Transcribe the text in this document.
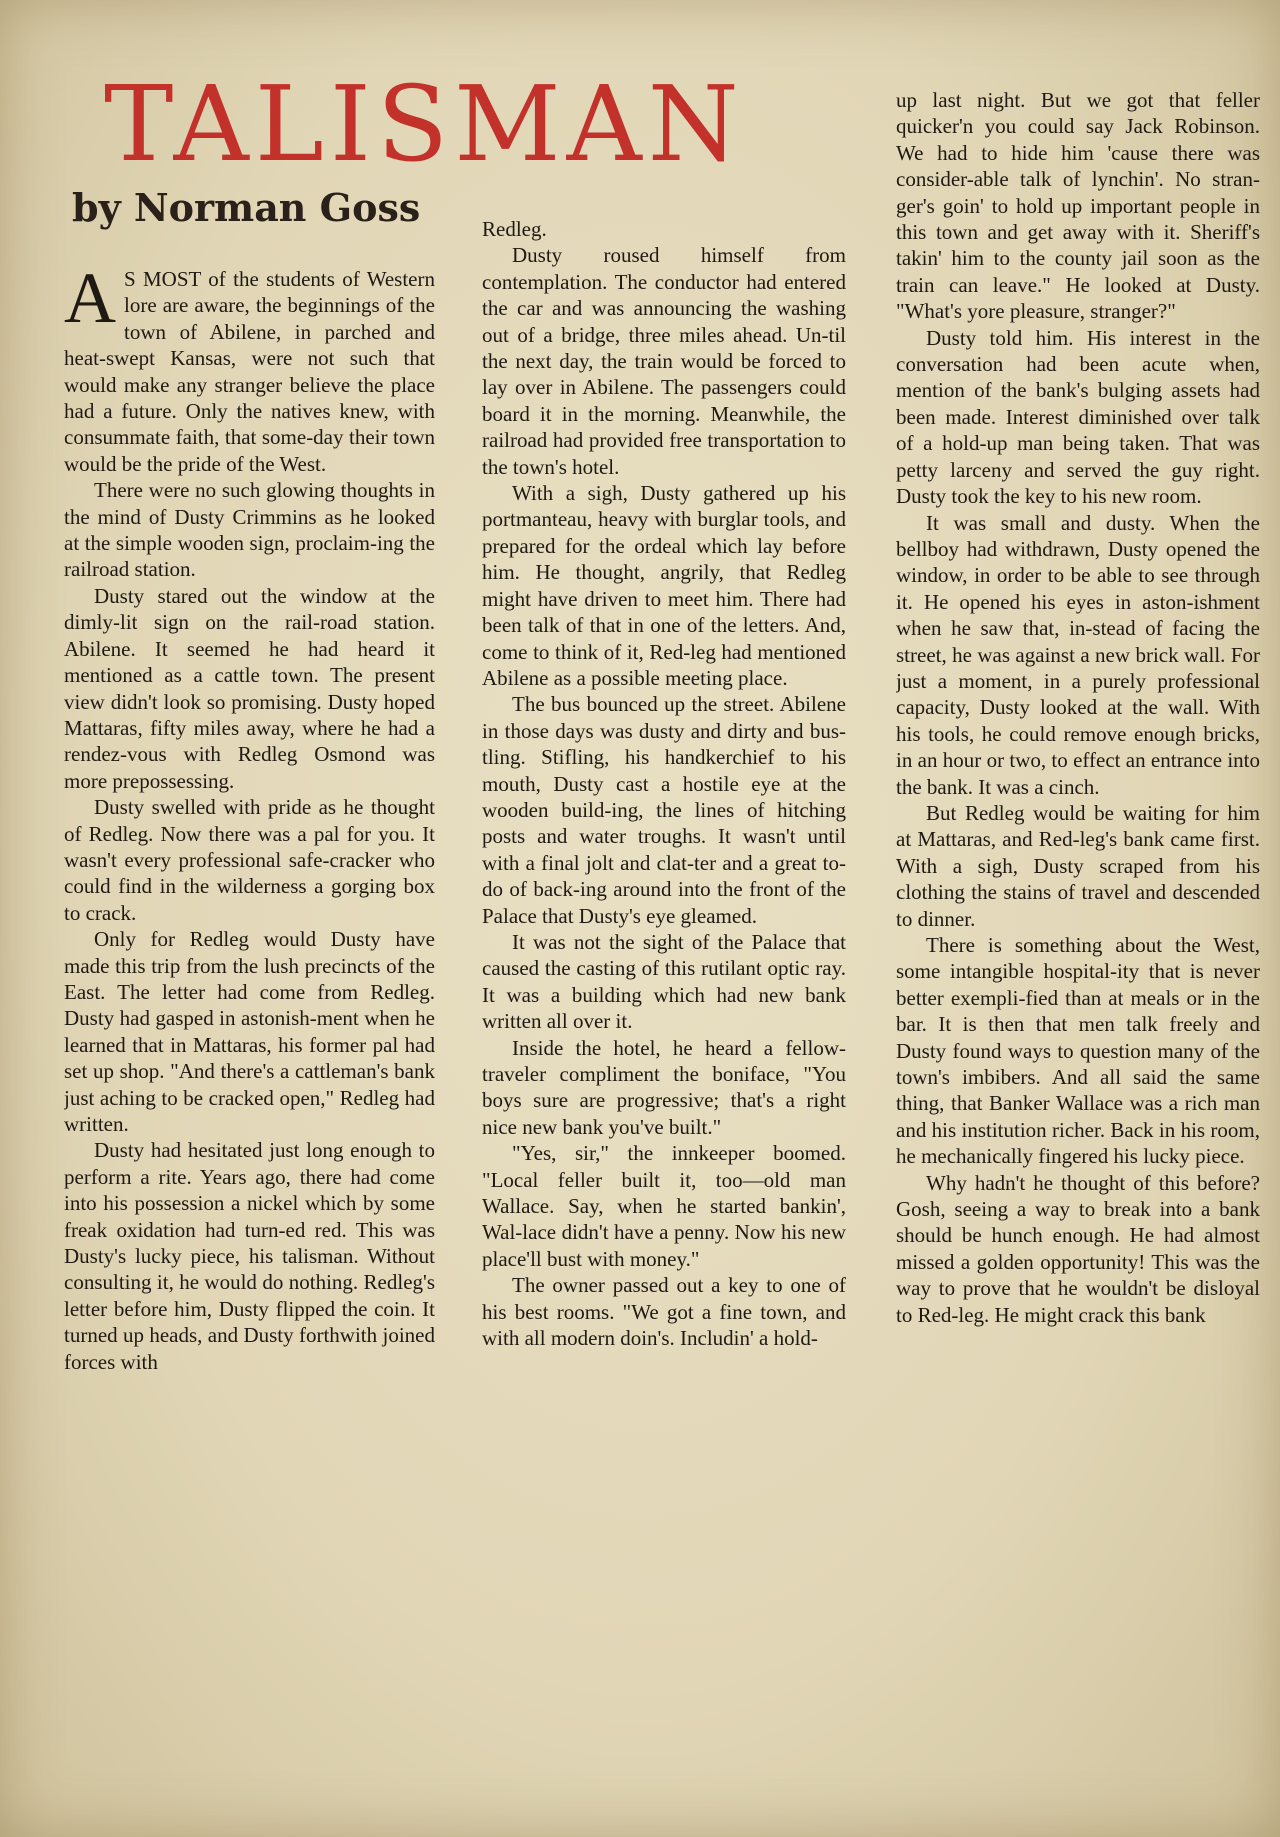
TALISMAN
by Norman Goss

A S MOST of the students of Western lore are aware, the beginnings of the town of Abilene, in parched and heat-swept Kansas, were not such that would make any stranger believe the place had a future. Only the natives knew, with consummate faith, that some-day their town would be the pride of the West.

There were no such glowing thoughts in the mind of Dusty Crimmins as he looked at the simple wooden sign, proclaim-ing the railroad station.

Dusty stared out the window at the dimly-lit sign on the rail-road station. Abilene. It seemed he had heard it mentioned as a cattle town. The present view didn't look so promising. Dusty hoped Mattaras, fifty miles away, where he had a rendez-vous with Redleg Osmond was more prepossessing.

Dusty swelled with pride as he thought of Redleg. Now there was a pal for you. It wasn't every professional safe-cracker who could find in the wilderness a gorging box to crack.

Only for Redleg would Dusty have made this trip from the lush precincts of the East. The letter had come from Redleg. Dusty had gasped in astonish-ment when he learned that in Mattaras, his former pal had set up shop. "And there's a cattleman's bank just aching to be cracked open," Redleg had written.

Dusty had hesitated just long enough to perform a rite. Years ago, there had come into his possession a nickel which by some freak oxidation had turn-ed red. This was Dusty's lucky piece, his talisman. Without consulting it, he would do nothing. Redleg's letter before him, Dusty flipped the coin. It turned up heads, and Dusty forthwith joined forces with

Redleg.

Dusty roused himself from contemplation. The conductor had entered the car and was announcing the washing out of a bridge, three miles ahead. Un-til the next day, the train would be forced to lay over in Abilene. The passengers could board it in the morning. Meanwhile, the railroad had provided free transportation to the town's hotel.

With a sigh, Dusty gathered up his portmanteau, heavy with burglar tools, and prepared for the ordeal which lay before him. He thought, angrily, that Redleg might have driven to meet him. There had been talk of that in one of the letters. And, come to think of it, Red-leg had mentioned Abilene as a possible meeting place.

The bus bounced up the street. Abilene in those days was dusty and dirty and bus-tling. Stifling, his handkerchief to his mouth, Dusty cast a hostile eye at the wooden build-ing, the lines of hitching posts and water troughs. It wasn't until with a final jolt and clat-ter and a great to-do of back-ing around into the front of the Palace that Dusty's eye gleamed.

It was not the sight of the Palace that caused the casting of this rutilant optic ray. It was a building which had new bank written all over it.

Inside the hotel, he heard a fellow-traveler compliment the boniface, "You boys sure are progressive; that's a right nice new bank you've built."

"Yes, sir," the innkeeper boomed. "Local feller built it, too—old man Wallace. Say, when he started bankin', Wal-lace didn't have a penny. Now his new place'll bust with money."

The owner passed out a key to one of his best rooms. "We got a fine town, and with all modern doin's. Includin' a hold-

up last night. But we got that feller quicker'n you could say Jack Robinson. We had to hide him 'cause there was consider-able talk of lynchin'. No stran-ger's goin' to hold up important people in this town and get away with it. Sheriff's takin' him to the county jail soon as the train can leave." He looked at Dusty. "What's yore pleasure, stranger?"

Dusty told him. His interest in the conversation had been acute when, mention of the bank's bulging assets had been made. Interest diminished over talk of a hold-up man being taken. That was petty larceny and served the guy right. Dusty took the key to his new room.

It was small and dusty. When the bellboy had withdrawn, Dusty opened the window, in order to be able to see through it. He opened his eyes in aston-ishment when he saw that, in-stead of facing the street, he was against a new brick wall. For just a moment, in a purely professional capacity, Dusty looked at the wall. With his tools, he could remove enough bricks, in an hour or two, to effect an entrance into the bank. It was a cinch.

But Redleg would be waiting for him at Mattaras, and Red-leg's bank came first. With a sigh, Dusty scraped from his clothing the stains of travel and descended to dinner.

There is something about the West, some intangible hospital-ity that is never better exempli-fied than at meals or in the bar. It is then that men talk freely and Dusty found ways to question many of the town's imbibers. And all said the same thing, that Banker Wallace was a rich man and his institution richer. Back in his room, he mechanically fingered his lucky piece.

Why hadn't he thought of this before? Gosh, seeing a way to break into a bank should be hunch enough. He had almost missed a golden opportunity! This was the way to prove that he wouldn't be disloyal to Red-leg. He might crack this bank
